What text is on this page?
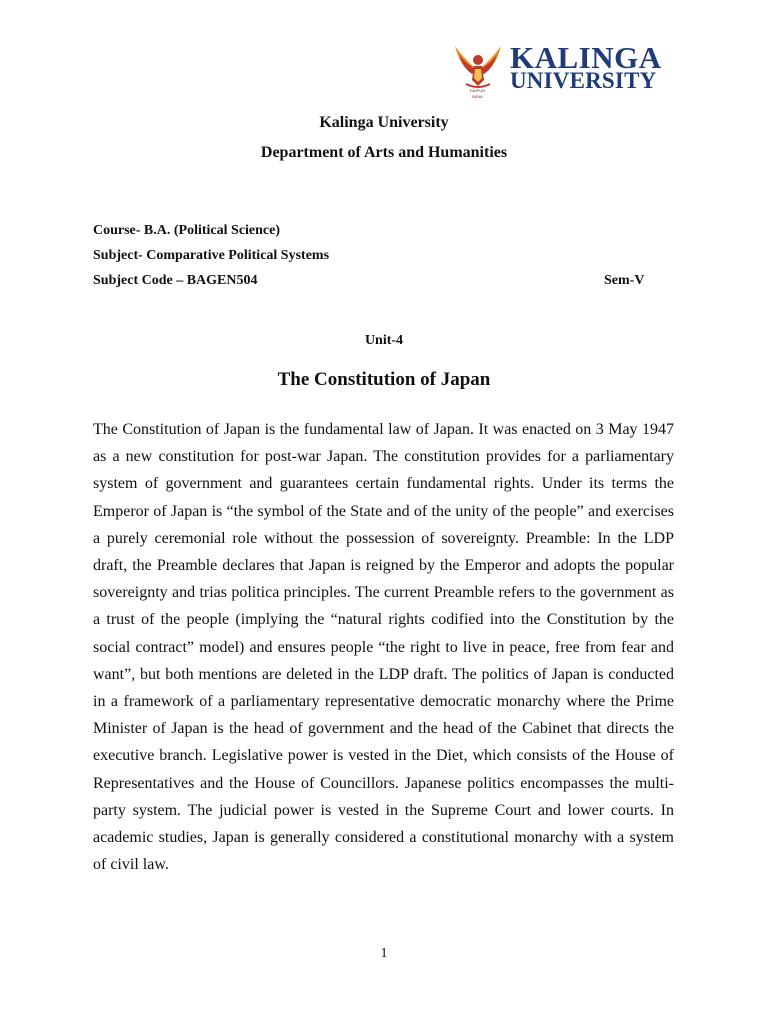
RAIPUR
INDIA
KALINGA
UNIVERSITY
Kalinga University
Department of Arts and Humanities
Course- B.A. (Political Science)
Subject- Comparative Political Systems
Subject Code – BAGEN504	Sem-V
Unit-4
The Constitution of Japan
The Constitution of Japan is the fundamental law of Japan. It was enacted on 3 May 1947 as a new constitution for post-war Japan. The constitution provides for a parliamentary system of government and guarantees certain fundamental rights. Under its terms the Emperor of Japan is “the symbol of the State and of the unity of the people” and exercises a purely ceremonial role without the possession of sovereignty. Preamble: In the LDP draft, the Preamble declares that Japan is reigned by the Emperor and adopts the popular sovereignty and trias politica principles. The current Preamble refers to the government as a trust of the people (implying the “natural rights codified into the Constitution by the social contract” model) and ensures people “the right to live in peace, free from fear and want”, but both mentions are deleted in the LDP draft. The politics of Japan is conducted in a framework of a parliamentary representative democratic monarchy where the Prime Minister of Japan is the head of government and the head of the Cabinet that directs the executive branch. Legislative power is vested in the Diet, which consists of the House of Representatives and the House of Councillors. Japanese politics encompasses the multi-party system. The judicial power is vested in the Supreme Court and lower courts. In academic studies, Japan is generally considered a constitutional monarchy with a system of civil law.
1
